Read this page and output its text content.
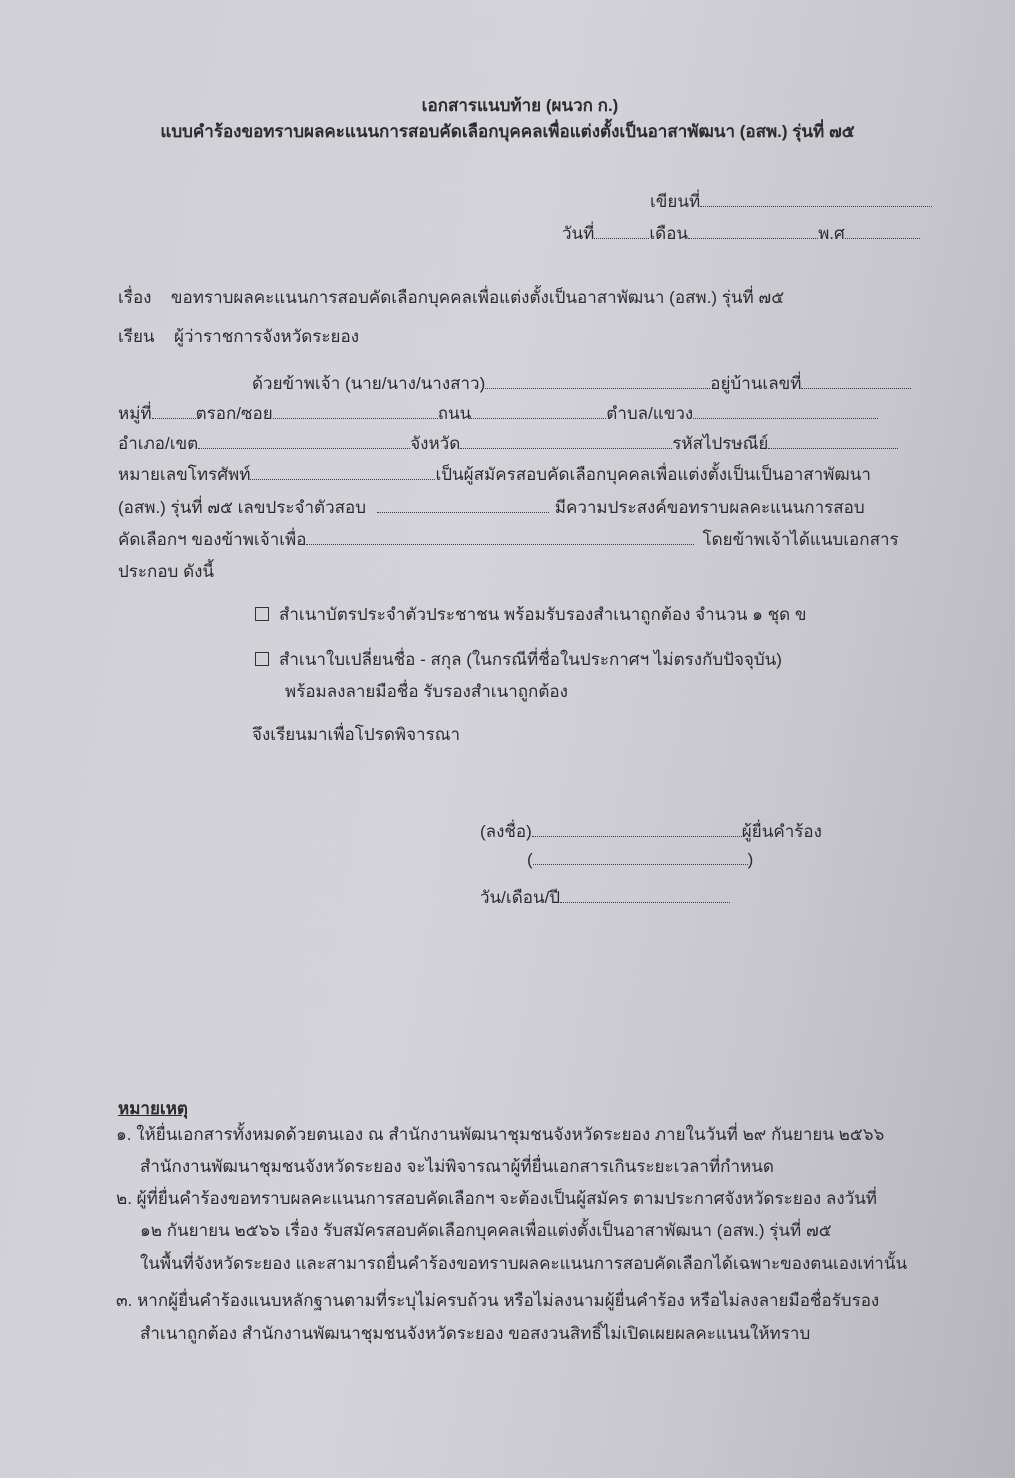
เอกสารแนบท้าย (ผนวก ก.)
แบบคำร้องขอทราบผลคะแนนการสอบคัดเลือกบุคคลเพื่อแต่งตั้งเป็นอาสาพัฒนา (อสพ.) รุ่นที่ ๗๕
เขียนที่
วันที่	เดือน	พ.ศ
เรื่อง ขอทราบผลคะแนนการสอบคัดเลือกบุคคลเพื่อแต่งตั้งเป็นอาสาพัฒนา (อสพ.) รุ่นที่ ๗๕
เรียน ผู้ว่าราชการจังหวัดระยอง
ด้วยข้าพเจ้า (นาย/นาง/นางสาว)	อยู่บ้านเลขที่
หมู่ที่	ตรอก/ซอย	ถนน	ตำบล/แขวง
อำเภอ/เขต	จังหวัด	รหัสไปรษณีย์
หมายเลขโทรศัพท์	เป็นผู้สมัครสอบคัดเลือกบุคคลเพื่อแต่งตั้งเป็นเป็นอาสาพัฒนา
(อสพ.) รุ่นที่ ๗๕ เลขประจำตัวสอบ	มีความประสงค์ขอทราบผลคะแนนการสอบ
คัดเลือกฯ ของข้าพเจ้าเพื่อ	โดยข้าพเจ้าได้แนบเอกสาร
ประกอบ ดังนี้
สำเนาบัตรประจำตัวประชาชน พร้อมรับรองสำเนาถูกต้อง จำนวน ๑ ชุด ข
สำเนาใบเปลี่ยนชื่อ - สกุล (ในกรณีที่ชื่อในประกาศฯ ไม่ตรงกับปัจจุบัน)
พร้อมลงลายมือชื่อ รับรองสำเนาถูกต้อง
จึงเรียนมาเพื่อโปรดพิจารณา
(ลงชื่อ)	ผู้ยื่นคำร้อง
(	)
วัน/เดือน/ปี
หมายเหตุ
๑. ให้ยื่นเอกสารทั้งหมดด้วยตนเอง ณ สำนักงานพัฒนาชุมชนจังหวัดระยอง ภายในวันที่ ๒๙ กันยายน ๒๕๖๖
สำนักงานพัฒนาชุมชนจังหวัดระยอง จะไม่พิจารณาผู้ที่ยื่นเอกสารเกินระยะเวลาที่กำหนด
๒. ผู้ที่ยื่นคำร้องขอทราบผลคะแนนการสอบคัดเลือกฯ จะต้องเป็นผู้สมัคร ตามประกาศจังหวัดระยอง ลงวันที่
๑๒ กันยายน ๒๕๖๖ เรื่อง รับสมัครสอบคัดเลือกบุคคลเพื่อแต่งตั้งเป็นอาสาพัฒนา (อสพ.) รุ่นที่ ๗๕
ในพื้นที่จังหวัดระยอง และสามารถยื่นคำร้องขอทราบผลคะแนนการสอบคัดเลือกได้เฉพาะของตนเองเท่านั้น
๓. หากผู้ยื่นคำร้องแนบหลักฐานตามที่ระบุไม่ครบถ้วน หรือไม่ลงนามผู้ยื่นคำร้อง หรือไม่ลงลายมือชื่อรับรอง
สำเนาถูกต้อง สำนักงานพัฒนาชุมชนจังหวัดระยอง ขอสงวนสิทธิ์ไม่เปิดเผยผลคะแนนให้ทราบ
